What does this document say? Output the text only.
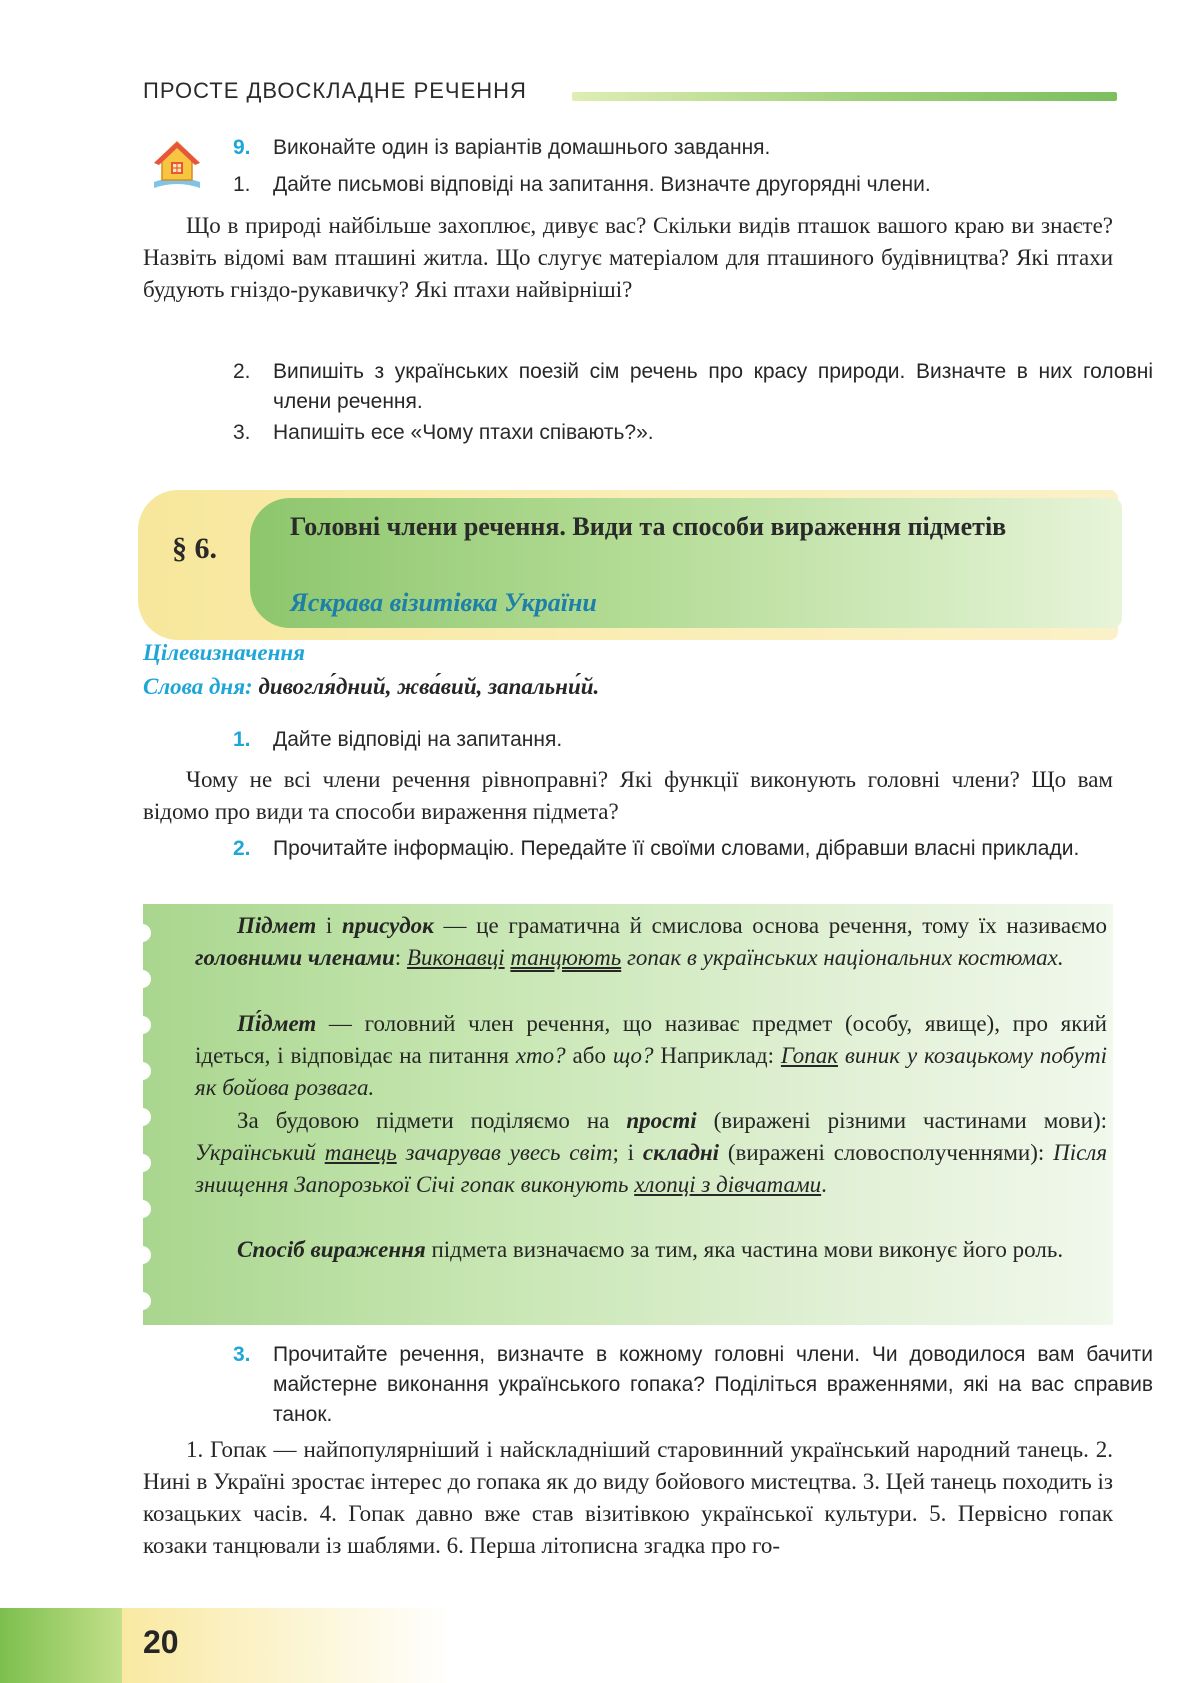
ПРОСТЕ ДВОСКЛАДНЕ РЕЧЕННЯ
9. Виконайте один із варіантів домашнього завдання.
1. Дайте письмові відповіді на запитання. Визначте другорядні члени.
Що в природі найбільше захоплює, дивує вас? Скільки видів пташок вашого краю ви знаєте? Назвіть відомі вам пташині житла. Що слугує матеріалом для пташиного будівництва? Які птахи будують гніздо-рукавичку? Які птахи найвірніші?
2. Випишіть з українських поезій сім речень про красу природи. Визначте в них головні члени речення.
3. Напишіть есе «Чому птахи співають?».
§ 6.
Головні члени речення. Види та способи вираження підметів
Яскрава візитівка України
Цілевизначення
Слова дня: дивогля́дний, жва́вий, запальни́й.
1. Дайте відповіді на запитання.
Чому не всі члени речення рівноправні? Які функції виконують головні члени? Що вам відомо про види та способи вираження підмета?
2. Прочитайте інформацію. Передайте її своїми словами, дібравши власні приклади.
Підмет і присудок — це граматична й смислова основа речення, тому їх називаємо головними членами: Виконавці танцюють гопак в українських національних костюмах.
Пі́дмет — головний член речення, що називає предмет (особу, явище), про який ідеться, і відповідає на питання хто? або що? Наприклад: Гопак виник у козацькому побуті як бойова розвага.
За будовою підмети поділяємо на прості (виражені різними частинами мови): Український танець зачарував увесь світ; і складні (виражені словосполученнями): Після знищення Запорозької Січі гопак виконують хлопці з дівчатами.
Спосіб вираження підмета визначаємо за тим, яка частина мови виконує його роль.
3. Прочитайте речення, визначте в кожному головні члени. Чи доводилося вам бачити майстерне виконання українського гопака? Поділіться враженнями, які на вас справив танок.
1. Гопак — найпопулярніший і найскладніший старовинний український народний танець. 2. Нині в Україні зростає інтерес до гопака як до виду бойового мистецтва. 3. Цей танець походить із козацьких часів. 4. Гопак давно вже став візитівкою української культури. 5. Первісно гопак козаки танцювали із шаблями. 6. Перша літописна згадка про го-
20
